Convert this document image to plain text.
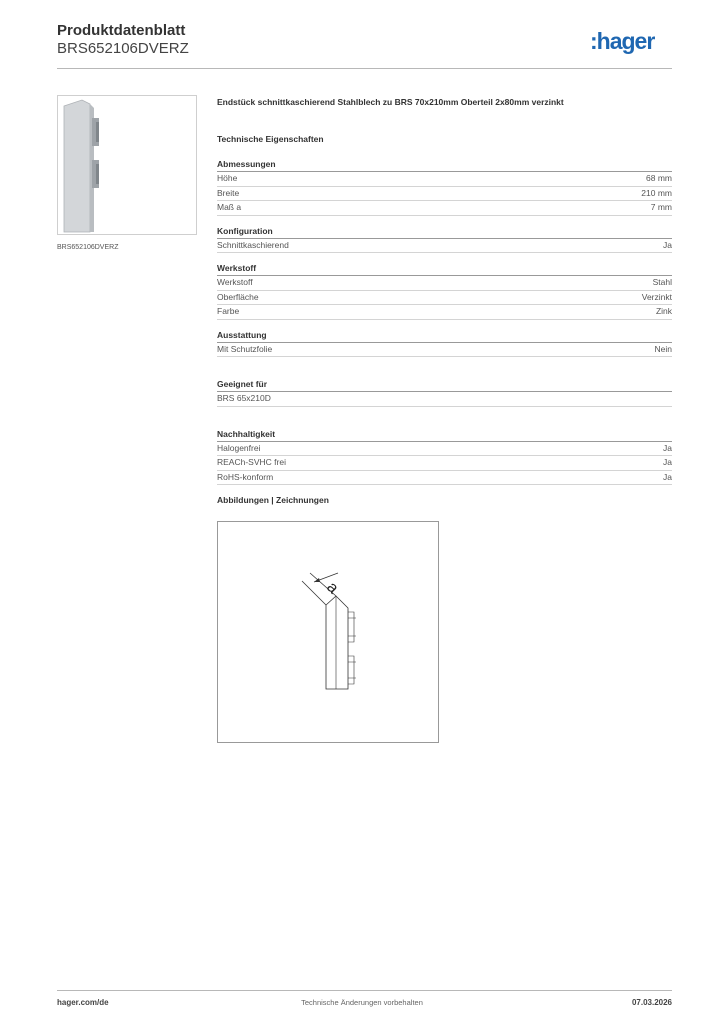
Produktdatenblatt
BRS652106DVERZ	:hager
BRS652106DVERZ
Endstück schnittkaschierend Stahlblech zu BRS 70x210mm Oberteil 2x80mm verzinkt
Technische Eigenschaften
Abmessungen
Höhe	68 mm
Breite	210 mm
Maß a	7 mm
Konfiguration
Schnittkaschierend	Ja
Werkstoff
Werkstoff	Stahl
Oberfläche	Verzinkt
Farbe	Zink
Ausstattung
Mit Schutzfolie	Nein
Geeignet für
BRS 65x210D
Nachhaltigkeit
Halogenfrei	Ja
REACh-SVHC frei	Ja
RoHS-konform	Ja
Abbildungen | Zeichnungen
a
hager.com/de	Technische Änderungen vorbehalten	07.03.2026
